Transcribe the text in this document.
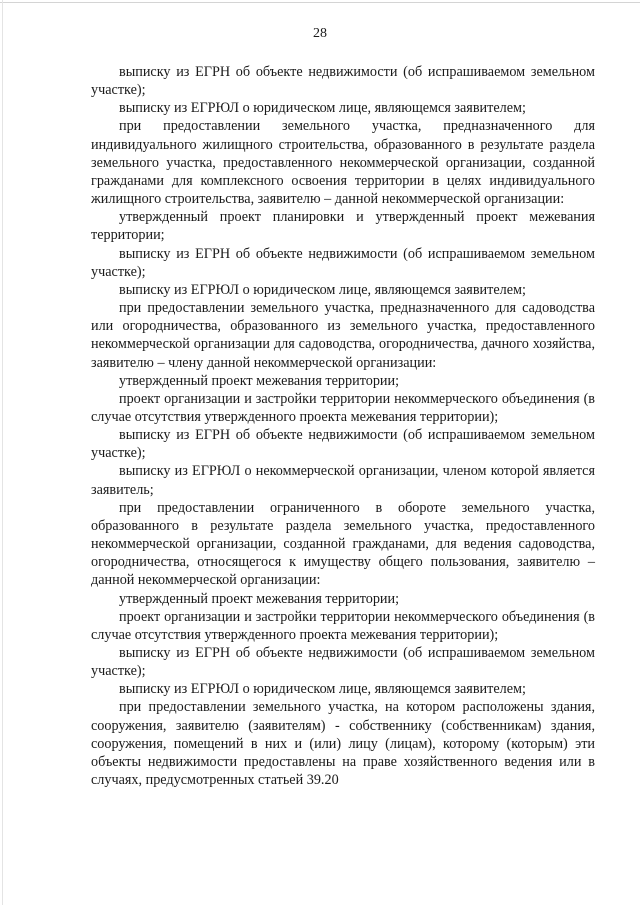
28

выписку из ЕГРН об объекте недвижимости (об испрашиваемом земельном участке);

выписку из ЕГРЮЛ о юридическом лице, являющемся заявителем;

при предоставлении земельного участка, предназначенного для индивидуального жилищного строительства, образованного в результате раздела земельного участка, предоставленного некоммерческой организации, созданной гражданами для комплексного освоения территории в целях индивидуального жилищного строительства, заявителю – данной некоммерческой организации:

утвержденный проект планировки и утвержденный проект межевания территории;

выписку из ЕГРН об объекте недвижимости (об испрашиваемом земельном участке);

выписку из ЕГРЮЛ о юридическом лице, являющемся заявителем;

при предоставлении земельного участка, предназначенного для садоводства или огородничества, образованного из земельного участка, предоставленного некоммерческой организации для садоводства, огородничества, дачного хозяйства, заявителю – члену данной некоммерческой организации:

утвержденный проект межевания территории;

проект организации и застройки территории некоммерческого объединения (в случае отсутствия утвержденного проекта межевания территории);

выписку из ЕГРН об объекте недвижимости (об испрашиваемом земельном участке);

выписку из ЕГРЮЛ о некоммерческой организации, членом которой является заявитель;

при предоставлении ограниченного в обороте земельного участка, образованного в результате раздела земельного участка, предоставленного некоммерческой организации, созданной гражданами, для ведения садоводства, огородничества, относящегося к имуществу общего пользования, заявителю – данной некоммерческой организации:

утвержденный проект межевания территории;

проект организации и застройки территории некоммерческого объединения (в случае отсутствия утвержденного проекта межевания территории);

выписку из ЕГРН об объекте недвижимости (об испрашиваемом земельном участке);

выписку из ЕГРЮЛ о юридическом лице, являющемся заявителем;

при предоставлении земельного участка, на котором расположены здания, сооружения, заявителю (заявителям) - собственнику (собственникам) здания, сооружения, помещений в них и (или) лицу (лицам), которому (которым) эти объекты недвижимости предоставлены на праве хозяйственного ведения или в случаях, предусмотренных статьей 39.20
